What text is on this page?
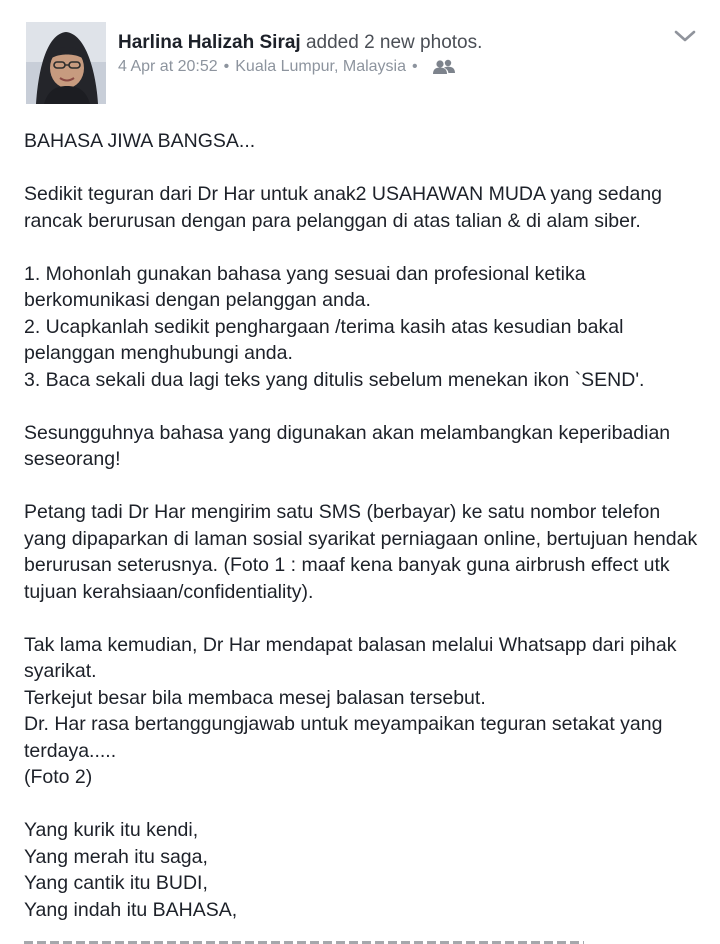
Harlina Halizah Siraj added 2 new photos.
4 Apr at 20:52 • Kuala Lumpur, Malaysia •

BAHASA JIWA BANGSA...

Sedikit teguran dari Dr Har untuk anak2 USAHAWAN MUDA yang sedang rancak berurusan dengan para pelanggan di atas talian & di alam siber.

1. Mohonlah gunakan bahasa yang sesuai dan profesional ketika berkomunikasi dengan pelanggan anda.

2. Ucapkanlah sedikit penghargaan /terima kasih atas kesudian bakal pelanggan menghubungi anda.

3. Baca sekali dua lagi teks yang ditulis sebelum menekan ikon `SEND'.

Sesungguhnya bahasa yang digunakan akan melambangkan keperibadian seseorang!

Petang tadi Dr Har mengirim satu SMS (berbayar) ke satu nombor telefon yang dipaparkan di laman sosial syarikat perniagaan online, bertujuan hendak berurusan seterusnya. (Foto 1 : maaf kena banyak guna airbrush effect utk tujuan kerahsiaan/confidentiality).

Tak lama kemudian, Dr Har mendapat balasan melalui Whatsapp dari pihak syarikat.

Terkejut besar bila membaca mesej balasan tersebut.

Dr. Har rasa bertanggungjawab untuk meyampaikan teguran setakat yang terdaya.....

(Foto 2)

Yang kurik itu kendi,

Yang merah itu saga,

Yang cantik itu BUDI,

Yang indah itu BAHASA,
